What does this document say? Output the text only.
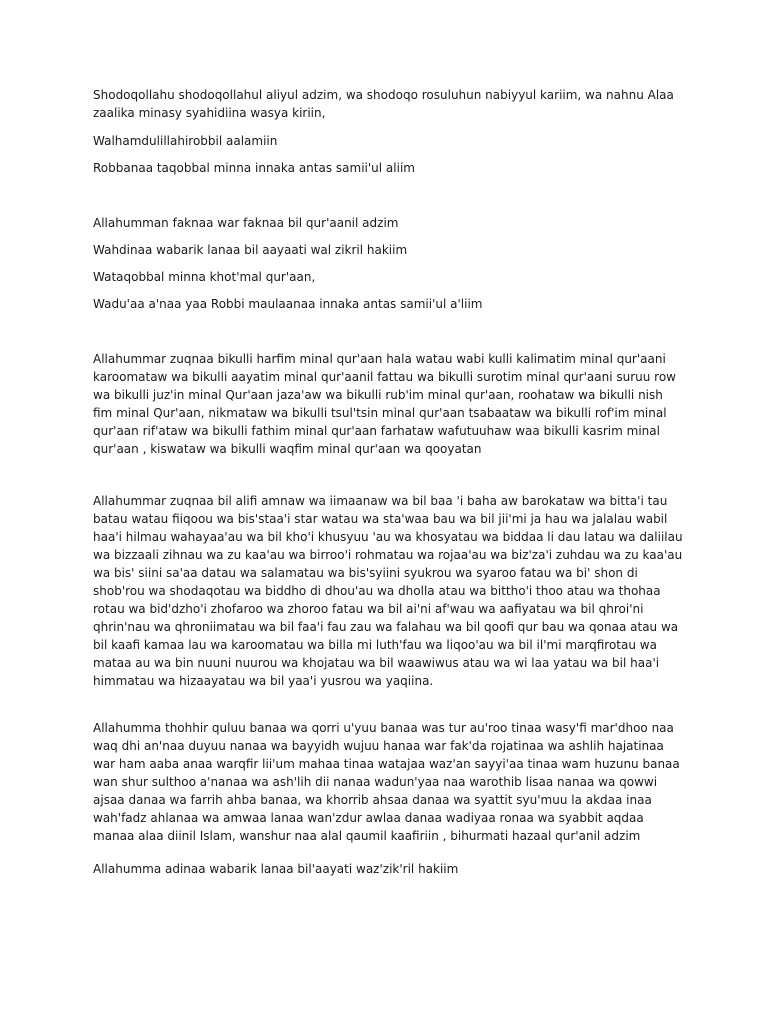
Shodoqollahu shodoqollahul aliyul adzim, wa shodoqo rosuluhun nabiyyul kariim, wa nahnu Alaa zaalika minasy syahidiina wasya kiriin,

Walhamdulillahirobbil aalamiin

Robbanaa taqobbal minna innaka antas samii'ul aliim

Allahumman faknaa war faknaa bil qur'aanil adzim

Wahdinaa wabarik lanaa bil aayaati wal zikril hakiim

Wataqobbal minna khot'mal qur'aan,

Wadu'aa a'naa yaa Robbi maulaanaa innaka antas samii'ul a'liim

Allahummar zuqnaa bikulli harfim minal qur'aan hala watau wabi kulli kalimatim minal qur'aani karoomataw wa bikulli aayatim minal qur'aanil fattau wa bikulli surotim minal qur'aani suruu row wa bikulli juz'in minal Qur'aan jaza'aw wa bikulli rub'im minal qur'aan, roohataw wa bikulli nish fim minal Qur'aan, nikmataw wa bikulli tsul'tsin minal qur'aan tsabaataw wa bikulli rof'im minal qur'aan rif'ataw wa bikulli fathim minal qur'aan farhataw wafutuuhaw waa bikulli kasrim minal qur'aan , kiswataw wa bikulli waqfim minal qur'aan wa qooyatan

Allahummar zuqnaa bil alifi amnaw wa iimaanaw wa bil baa 'i baha aw barokataw wa bitta'i tau batau watau fiiqoou wa bis'staa'i star watau wa sta'waa bau wa bil jii'mi ja hau wa jalalau wabil haa'i hilmau wahayaa'au wa bil kho'i khusyuu 'au wa khosyatau wa biddaa li dau latau wa daliilau wa bizzaali zihnau wa zu kaa'au wa birroo'i rohmatau wa rojaa'au wa biz'za'i zuhdau wa zu kaa'au wa bis' siini sa'aa datau wa salamatau wa bis'syiini syukrou wa syaroo fatau wa bi' shon di shob'rou wa shodaqotau wa biddho di dhou'au wa dholla atau wa bittho'i thoo atau wa thohaa rotau wa bid'dzho'i zhofaroo wa zhoroo fatau wa bil ai'ni af'wau wa aafiyatau wa bil qhroi'ni qhrin'nau wa qhroniimatau wa bil faa'i fau zau wa falahau wa bil qoofi qur bau wa qonaa atau wa bil kaafi kamaa lau wa karoomatau wa billa mi luth'fau wa liqoo'au wa bil il'mi marqfirotau wa mataa au wa bin nuuni nuurou wa khojatau wa bil waawiwus atau wa wi laa yatau wa bil haa'i himmatau wa hizaayatau wa bil yaa'i yusrou wa yaqiina.

Allahumma thohhir quluu banaa wa qorri u'yuu banaa was tur au'roo tinaa wasy'fi mar'dhoo naa waq dhi an'naa duyuu nanaa wa bayyidh wujuu hanaa war fak'da rojatinaa wa ashlih hajatinaa war ham aaba anaa warqfir lii'um mahaa tinaa watajaa waz'an sayyi'aa tinaa wam huzunu banaa wan shur sulthoo a'nanaa wa ash'lih dii nanaa wadun'yaa naa warothib lisaa nanaa wa qowwi ajsaa danaa wa farrih ahba banaa, wa khorrib ahsaa danaa wa syattit syu'muu la akdaa inaa wah'fadz ahlanaa wa amwaa lanaa wan'zdur awlaa danaa wadiyaa ronaa wa syabbit aqdaa manaa alaa diinil Islam, wanshur naa alal qaumil kaafiriin , bihurmati hazaal qur'anil adzim

Allahumma adinaa wabarik lanaa bil'aayati waz'zik'ril hakiim
